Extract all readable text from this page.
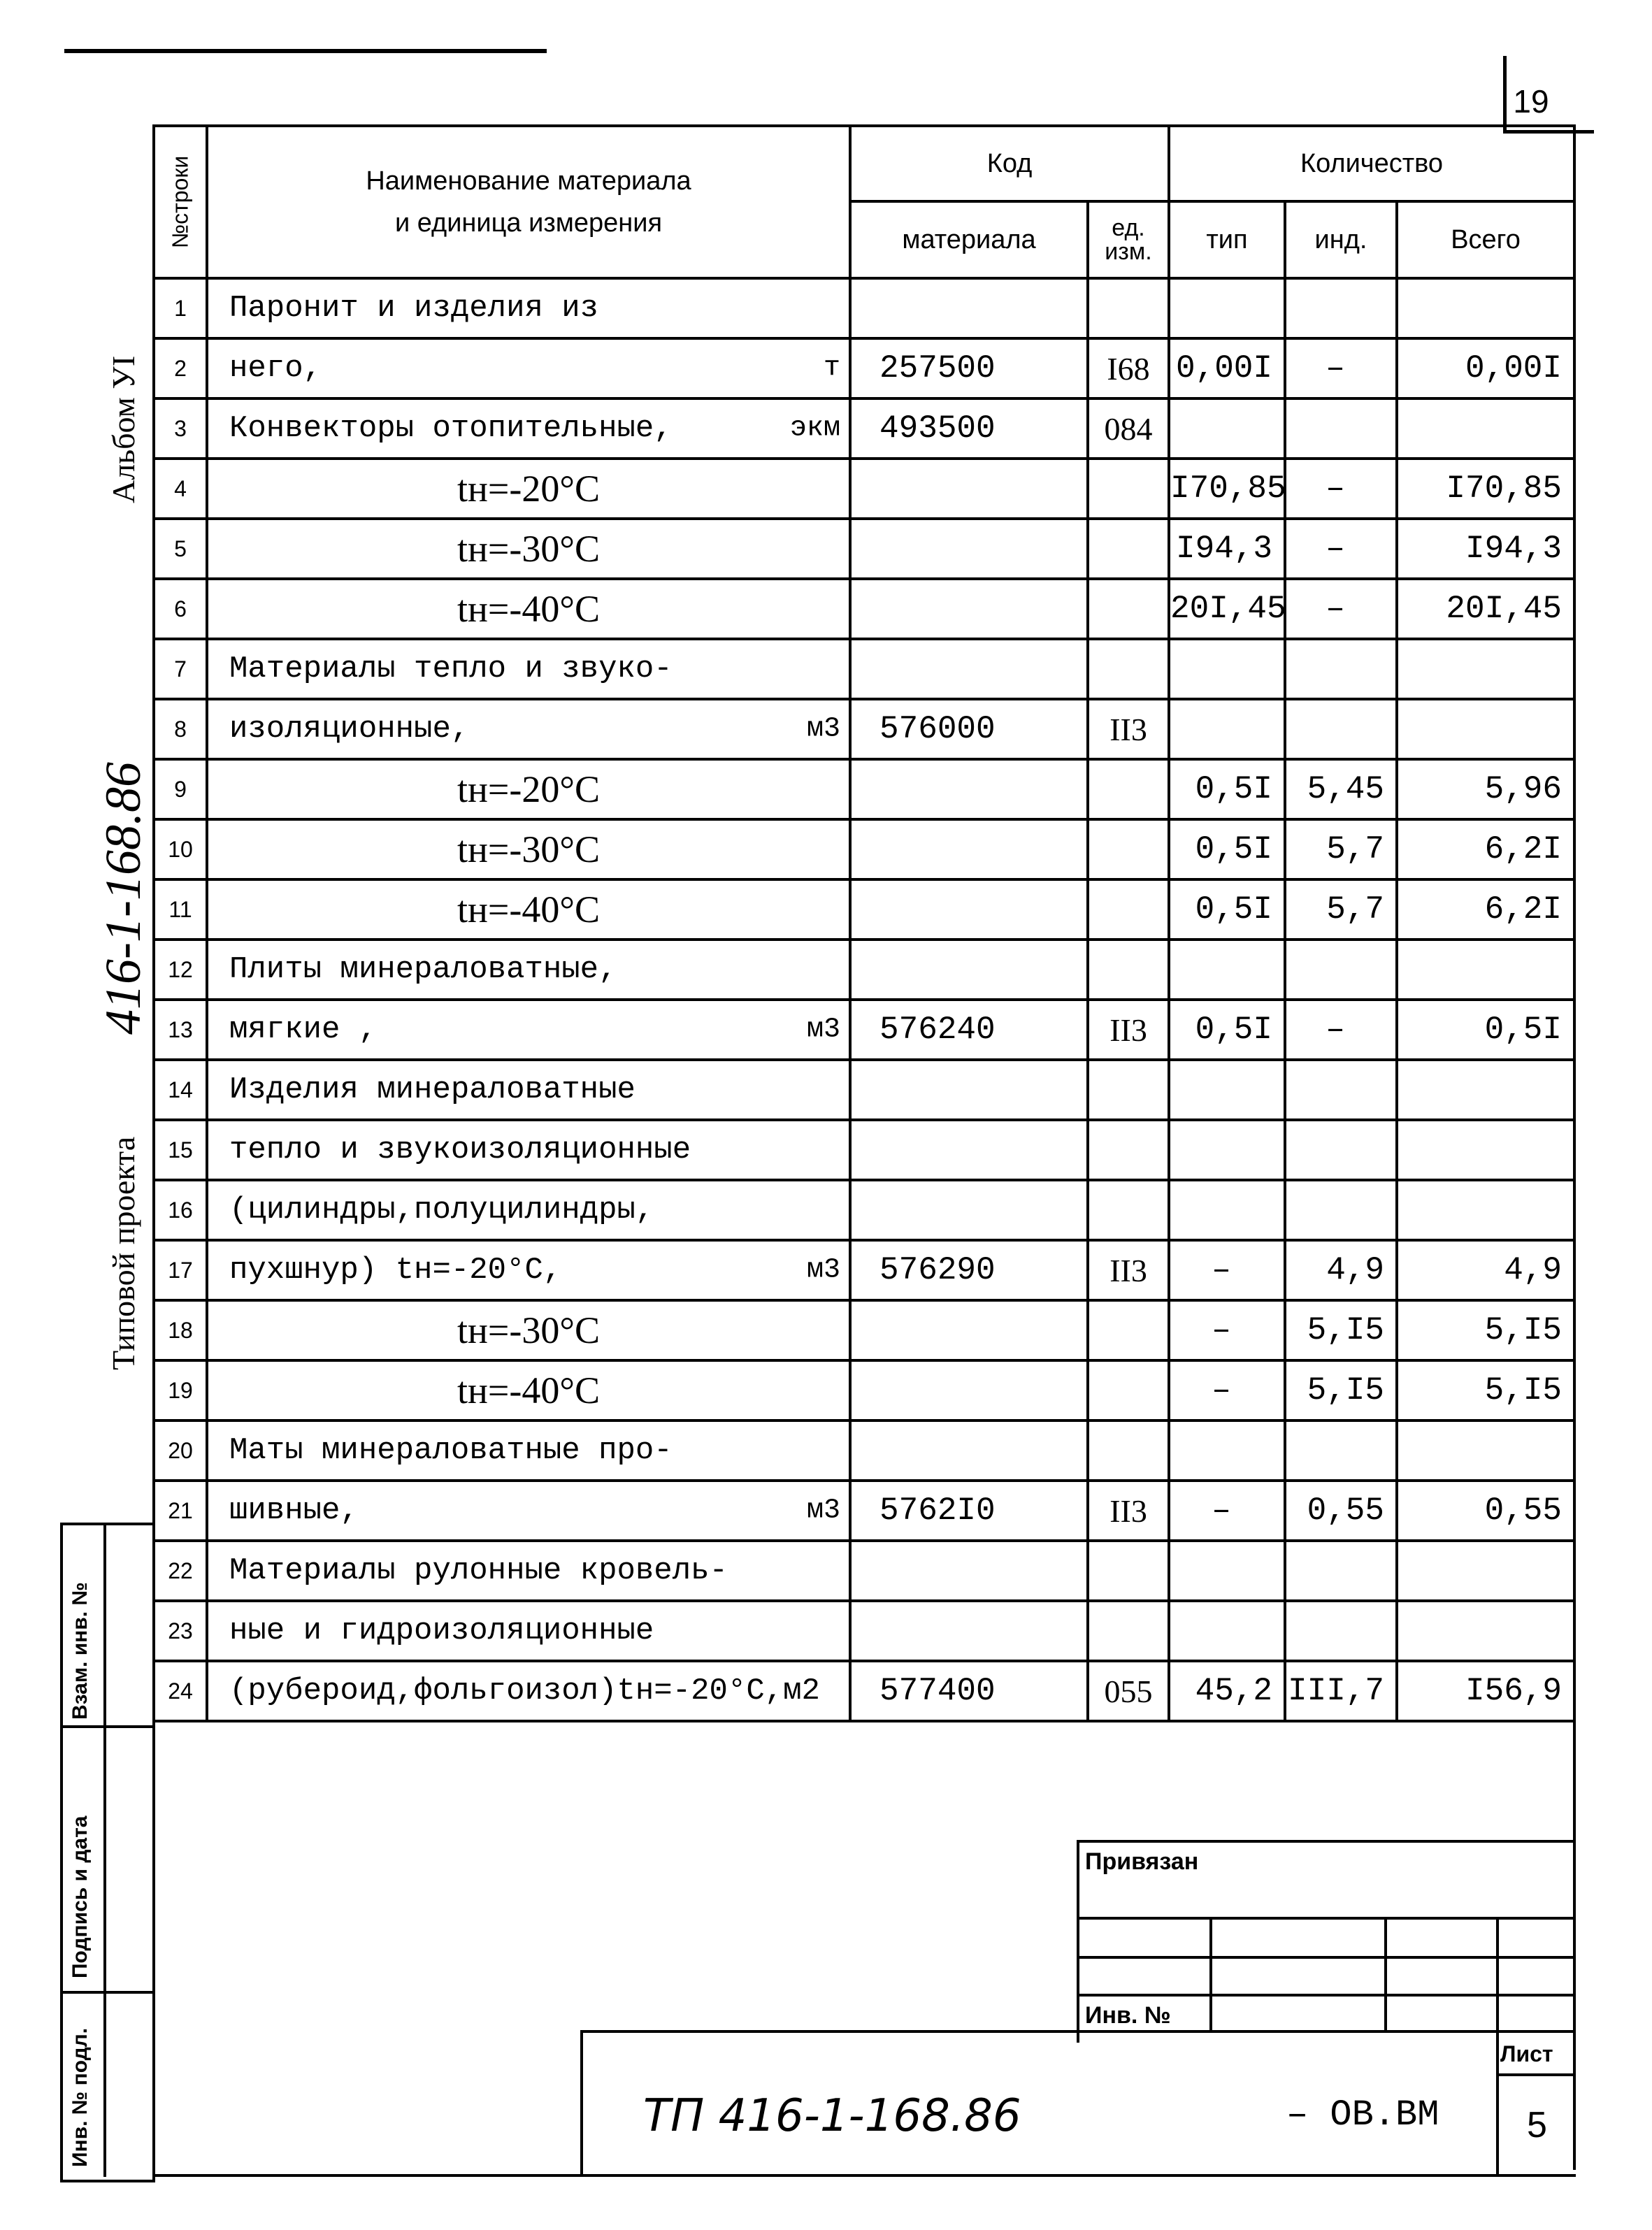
19
Альбом УI
416-1-168.86
Типовой проекта
№строки	Наименование материала
и единица измерения	Код		Количество		
		материала	ед. изм.	тип	инд.	Всего
1	Паронит и изделия из					
2	него, т	257500	I68	0,00I	–	0,00I
3	Конвекторы отопительные, экм	493500	084			
4	tн=-20°C			I70,85	–	I70,85
5	tн=-30°C			I94,3	–	I94,3
6	tн=-40°C			20I,45	–	20I,45
7	Материалы тепло и звуко-					
8	изоляционные, м3	576000	II3			
9	tн=-20°C			0,5I	5,45	5,96
10	tн=-30°C			0,5I	5,7	6,2I
11	tн=-40°C			0,5I	5,7	6,2I
12	Плиты минераловатные,					
13	мягкие , м3	576240	II3	0,5I	–	0,5I
14	Изделия минераловатные					
15	тепло и звукоизоляционные					
16	(цилиндры,полуцилиндры,					
17	пухшнур) tн=-20°C, м3	576290	II3	–	4,9	4,9
18	tн=-30°C			–	5,I5	5,I5
19	tн=-40°C			–	5,I5	5,I5
20	Маты минераловатные про-					
21	шивные, м3	5762I0	II3	–	0,55	0,55
22	Материалы рулонные кровель-					
23	ные и гидроизоляционные					
24	(рубероид,фольгоизол)tн=-20°C,м2	577400	055	45,2	III,7	I56,9

Взам. инв. №
Подпись и дата
Инв. № подл.
Привязан
Инв. №
ТП 416-1-168.86	– ОВ.ВМ
Лист
5
